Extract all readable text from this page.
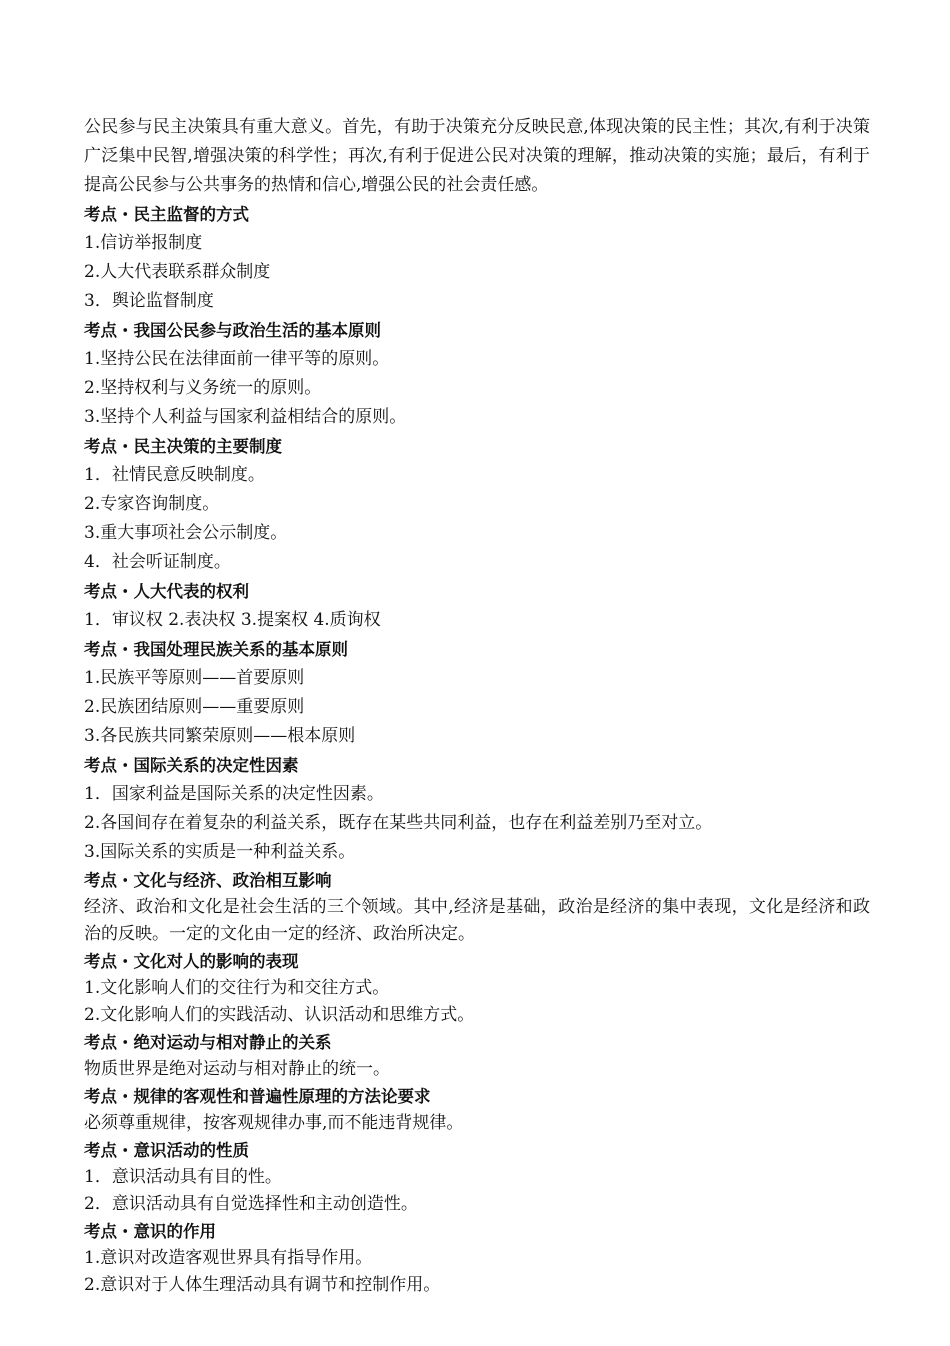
公民参与民主决策具有重大意义。首先，有助于决策充分反映民意,体现决策的民主性；其次,有利于决策广泛集中民智,增强决策的科学性；再次,有利于促进公民对决策的理解，推动决策的实施；最后，有利于提高公民参与公共事务的热情和信心,增强公民的社会责任感。

考点・民主监督的方式

1.信访举报制度

2.人大代表联系群众制度

3．舆论监督制度

考点・我国公民参与政治生活的基本原则

1.坚持公民在法律面前一律平等的原则。

2.坚持权利与义务统一的原则。

3.坚持个人利益与国家利益相结合的原则。

考点・民主决策的主要制度

1．社情民意反映制度。

2.专家咨询制度。

3.重大事项社会公示制度。

4．社会听证制度。

考点・人大代表的权利

1．审议权 2.表决权 3.提案权 4.质询权

考点・我国处理民族关系的基本原则

1.民族平等原则——首要原则

2.民族团结原则——重要原则

3.各民族共同繁荣原则——根本原则

考点・国际关系的决定性因素

1．国家利益是国际关系的决定性因素。

2.各国间存在着复杂的利益关系，既存在某些共同利益，也存在利益差别乃至对立。

3.国际关系的实质是一种利益关系。

考点・文化与经济、政治相互影响

经济、政治和文化是社会生活的三个领域。其中,经济是基础，政治是经济的集中表现，文化是经济和政治的反映。一定的文化由一定的经济、政治所决定。

考点・文化对人的影响的表现

1.文化影响人们的交往行为和交往方式。

2.文化影响人们的实践活动、认识活动和思维方式。

考点・绝对运动与相对静止的关系

物质世界是绝对运动与相对静止的统一。

考点・规律的客观性和普遍性原理的方法论要求

必须尊重规律，按客观规律办事,而不能违背规律。

考点・意识活动的性质

1．意识活动具有目的性。

2．意识活动具有自觉选择性和主动创造性。

考点・意识的作用

1.意识对改造客观世界具有指导作用。

2.意识对于人体生理活动具有调节和控制作用。
